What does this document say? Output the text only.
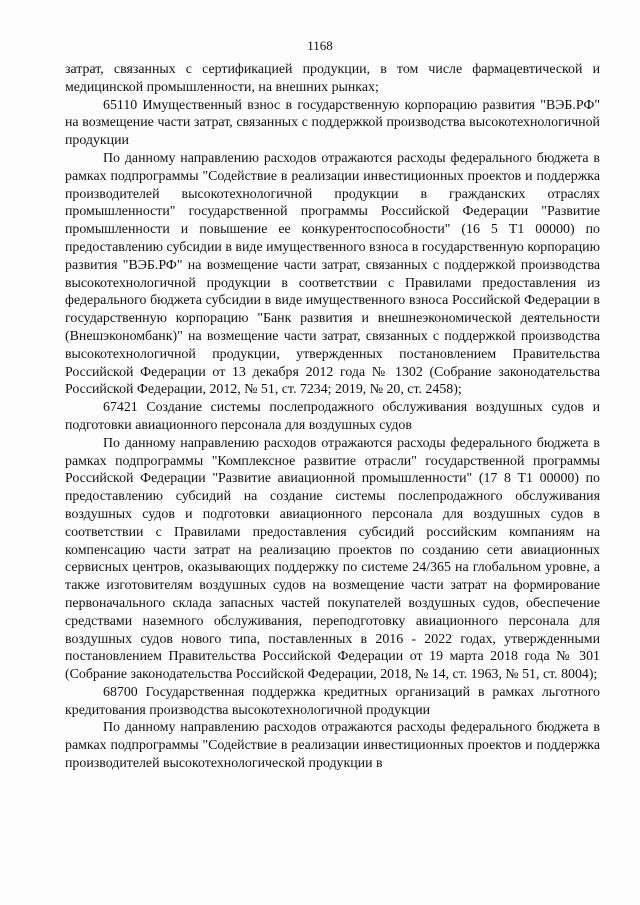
1168

затрат, связанных с сертификацией продукции, в том числе фармацевтической и медицинской промышленности, на внешних рынках;

65110 Имущественный взнос в государственную корпорацию развития "ВЭБ.РФ" на возмещение части затрат, связанных с поддержкой производства высокотехнологичной продукции

По данному направлению расходов отражаются расходы федерального бюджета в рамках подпрограммы "Содействие в реализации инвестиционных проектов и поддержка производителей высокотехнологичной продукции в гражданских отраслях промышленности" государственной программы Российской Федерации "Развитие промышленности и повышение ее конкурентоспособности" (16 5 Т1 00000) по предоставлению субсидии в виде имущественного взноса в государственную корпорацию развития "ВЭБ.РФ" на возмещение части затрат, связанных с поддержкой производства высокотехнологичной продукции в соответствии с Правилами предоставления из федерального бюджета субсидии в виде имущественного взноса Российской Федерации в государственную корпорацию "Банк развития и внешнеэкономической деятельности (Внешэкономбанк)" на возмещение части затрат, связанных с поддержкой производства высокотехнологичной продукции, утвержденных постановлением Правительства Российской Федерации от 13 декабря 2012 года № 1302 (Собрание законодательства Российской Федерации, 2012, № 51, ст. 7234; 2019, № 20, ст. 2458);

67421 Создание системы послепродажного обслуживания воздушных судов и подготовки авиационного персонала для воздушных судов

По данному направлению расходов отражаются расходы федерального бюджета в рамках подпрограммы "Комплексное развитие отрасли" государственной программы Российской Федерации "Развитие авиационной промышленности" (17 8 Т1 00000) по предоставлению субсидий на создание системы послепродажного обслуживания воздушных судов и подготовки авиационного персонала для воздушных судов в соответствии с Правилами предоставления субсидий российским компаниям на компенсацию части затрат на реализацию проектов по созданию сети авиационных сервисных центров, оказывающих поддержку по системе 24/365 на глобальном уровне, а также изготовителям воздушных судов на возмещение части затрат на формирование первоначального склада запасных частей покупателей воздушных судов, обеспечение средствами наземного обслуживания, переподготовку авиационного персонала для воздушных судов нового типа, поставленных в 2016 - 2022 годах, утвержденными постановлением Правительства Российской Федерации от 19 марта 2018 года № 301 (Собрание законодательства Российской Федерации, 2018, № 14, ст. 1963, № 51, ст. 8004);

68700 Государственная поддержка кредитных организаций в рамках льготного кредитования производства высокотехнологичной продукции

По данному направлению расходов отражаются расходы федерального бюджета в рамках подпрограммы "Содействие в реализации инвестиционных проектов и поддержка производителей высокотехнологической продукции в
